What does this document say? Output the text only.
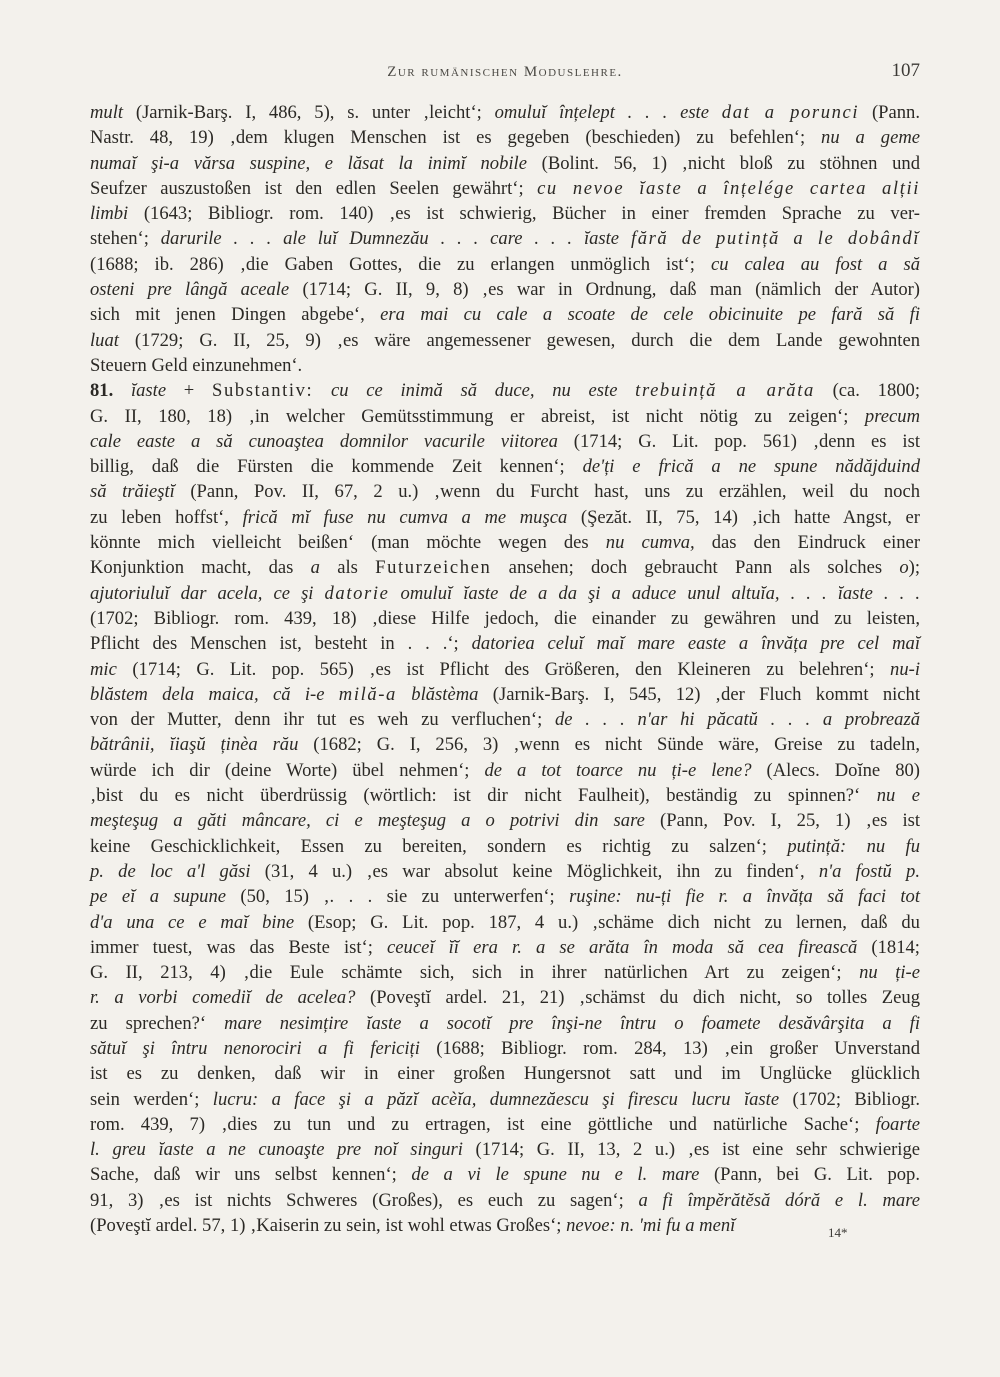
Zur rumänischen Moduslehre.	107
mult (Jarnik-Barş. I, 486, 5), s. unter ‚leicht‘; omuluĭ înțelept . . . este dat a porunci (Pann.
Nastr. 48, 19) ‚dem klugen Menschen ist es gegeben (beschieden) zu befehlen‘; nu a geme
numaĭ şi-a vărsa suspine, e lăsat la inimĭ nobile (Bolint. 56, 1) ‚nicht bloß zu stöhnen und
Seufzer auszustoßen ist den edlen Seelen gewährt‘; cu nevoe ĭaste a înțelége cartea alții
limbi (1643; Bibliogr. rom. 140) ‚es ist schwierig, Bücher in einer fremden Sprache zu ver-
stehen‘; darurile . . . ale luĭ Dumnezău . . . care . . . ĭaste fără de putință a le dobândĭ
(1688; ib. 286) ‚die Gaben Gottes, die zu erlangen unmöglich ist‘; cu calea au fost a să
osteni pre lângă aceale (1714; G. II, 9, 8) ‚es war in Ordnung, daß man (nämlich der Autor)
sich mit jenen Dingen abgebe‘, era mai cu cale a scoate de cele obicinuite pe fară să fi
luat (1729; G. II, 25, 9) ‚es wäre angemessener gewesen, durch die dem Lande gewohnten
Steuern Geld einzunehmen‘.
81. ĭaste + Substantiv: cu ce inimă să duce, nu este trebuință a arăta (ca. 1800;
G. II, 180, 18) ‚in welcher Gemütsstimmung er abreist, ist nicht nötig zu zeigen‘; precum
cale easte a să cunoaştea domnilor vacurile viitorea (1714; G. Lit. pop. 561) ‚denn es ist
billig, daß die Fürsten die kommende Zeit kennen‘; de'ți e frică a ne spune nădăjduind
să trăieştĭ (Pann, Pov. II, 67, 2 u.) ‚wenn du Furcht hast, uns zu erzählen, weil du noch
zu leben hoffst‘, frică mĭ fuse nu cumva a me muşca (Şezăt. II, 75, 14) ‚ich hatte Angst, er
könnte mich vielleicht beißen‘ (man möchte wegen des nu cumva, das den Eindruck einer
Konjunktion macht, das a als Futurzeichen ansehen; doch gebraucht Pann als solches o);
ajutoriuluĭ dar acela, ce şi datorie omuluĭ ĭaste de a da şi a aduce unul altuĭa, . . . ĭaste . . .
(1702; Bibliogr. rom. 439, 18) ‚diese Hilfe jedoch, die einander zu gewähren und zu leisten,
Pflicht des Menschen ist, besteht in . . .‘; datoriea celuĭ maĭ mare easte a învăța pre cel maĭ
mic (1714; G. Lit. pop. 565) ‚es ist Pflicht des Größeren, den Kleineren zu belehren‘; nu-i
blăstem dela maica, că i-e milă-a blăstèma (Jarnik-Barş. I, 545, 12) ‚der Fluch kommt nicht
von der Mutter, denn ihr tut es weh zu verfluchen‘; de . . . n'ar hi păcatŭ . . . a probrează
bătrânii, ĭiaşŭ ținèa rău (1682; G. I, 256, 3) ‚wenn es nicht Sünde wäre, Greise zu tadeln,
würde ich dir (deine Worte) übel nehmen‘; de a tot toarce nu ți-e lene? (Alecs. Doĭne 80)
‚bist du es nicht überdrüssig (wörtlich: ist dir nicht Faulheit), beständig zu spinnen?‘ nu e
meşteşug a găti mâncare, ci e meşteşug a o potrivi din sare (Pann, Pov. I, 25, 1) ‚es ist
keine Geschicklichkeit, Essen zu bereiten, sondern es richtig zu salzen‘; putință: nu fu
p. de loc a'l găsi (31, 4 u.) ‚es war absolut keine Möglichkeit, ihn zu finden‘, n'a fostŭ p.
pe eĭ a supune (50, 15) ‚. . . sie zu unterwerfen‘; ruşine: nu-ți fie r. a învăța să faci tot
d'a una ce e maĭ bine (Esop; G. Lit. pop. 187, 4 u.) ‚schäme dich nicht zu lernen, daß du
immer tuest, was das Beste ist‘; ceuceĭ ĭĭ era r. a se arăta în moda să cea firească (1814;
G. II, 213, 4) ‚die Eule schämte sich, sich in ihrer natürlichen Art zu zeigen‘; nu ți-e
r. a vorbi comediĭ de acelea? (Poveştĭ ardel. 21, 21) ‚schämst du dich nicht, so tolles Zeug
zu sprechen?‘ mare nesimțire ĭaste a socotĭ pre înşi-ne întru o foamete desăvârşita a fi
sătuĭ şi întru nenorociri a fi fericiți (1688; Bibliogr. rom. 284, 13) ‚ein großer Unverstand
ist es zu denken, daß wir in einer großen Hungersnot satt und im Unglücke glücklich
sein werden‘; lucru: a face şi a păzĭ acèĭa, dumnezăescu şi firescu lucru ĭaste (1702; Bibliogr.
rom. 439, 7) ‚dies zu tun und zu ertragen, ist eine göttliche und natürliche Sache‘; foarte
l. greu ĭaste a ne cunoaşte pre noĭ singuri (1714; G. II, 13, 2 u.) ‚es ist eine sehr schwierige
Sache, daß wir uns selbst kennen‘; de a vi le spune nu e l. mare (Pann, bei G. Lit. pop.
91, 3) ‚es ist nichts Schweres (Großes), es euch zu sagen‘; a fi împĕrătĕsă dóră e l. mare
(Poveştĭ ardel. 57, 1) ‚Kaiserin zu sein, ist wohl etwas Großes‘; nevoe: n. 'mi fu a menĭ	14*
